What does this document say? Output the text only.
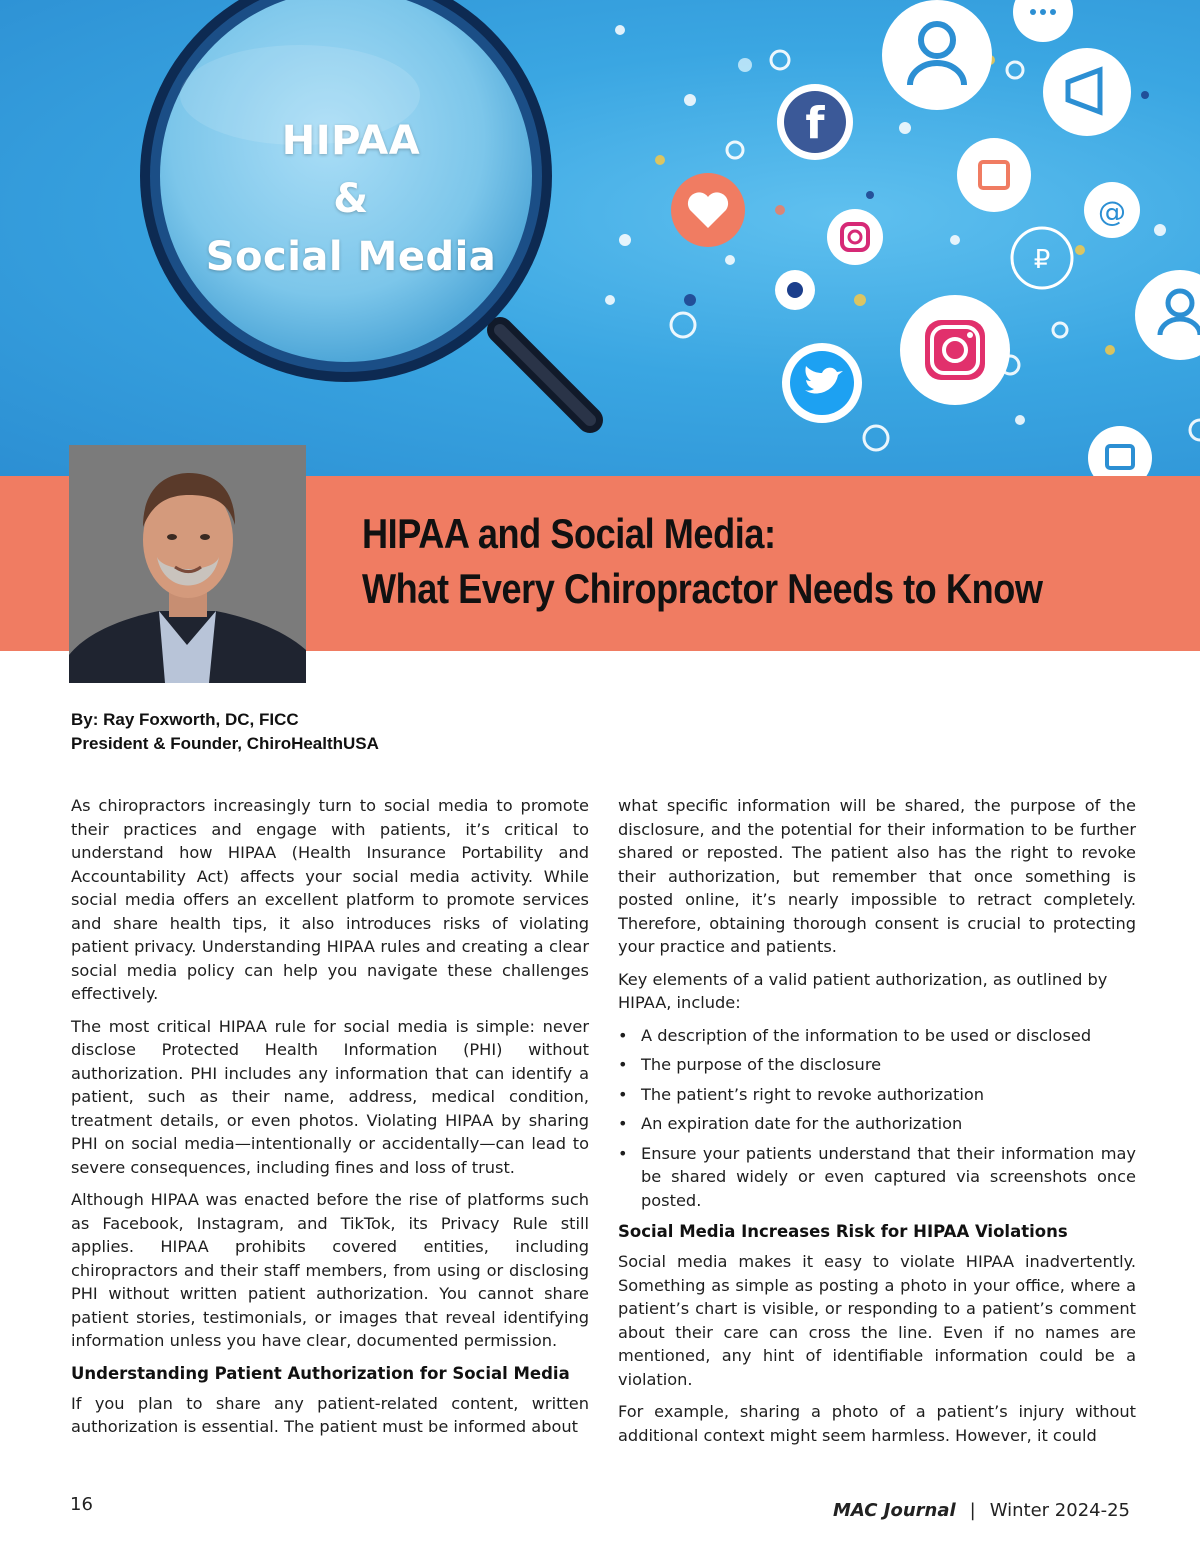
f
@
₽
HIPAA
&
Social Media
HIPAA and Social Media:
What Every Chiropractor Needs to Know
By: Ray Foxworth, DC, FICC
President & Founder, ChiroHealthUSA

As chiropractors increasingly turn to social media to promote their practices and engage with patients, it’s critical to understand how HIPAA (Health Insurance Portability and Accountability Act) affects your social media activity. While social media offers an excellent platform to promote services and share health tips, it also introduces risks of violating patient privacy. Understanding HIPAA rules and creating a clear social media policy can help you navigate these challenges effectively.

The most critical HIPAA rule for social media is simple: never disclose Protected Health Information (PHI) without authorization. PHI includes any information that can identify a patient, such as their name, address, medical condition, treatment details, or even photos. Violating HIPAA by sharing PHI on social media—intentionally or accidentally—can lead to severe consequences, including fines and loss of trust.

Although HIPAA was enacted before the rise of platforms such as Facebook, Instagram, and TikTok, its Privacy Rule still applies. HIPAA prohibits covered entities, including chiropractors and their staff members, from using or disclosing PHI without written patient authorization. You cannot share patient stories, testimonials, or images that reveal identifying information unless you have clear, documented permission.

Understanding Patient Authorization for Social Media

If you plan to share any patient-related content, written authorization is essential. The patient must be informed about

what specific information will be shared, the purpose of the disclosure, and the potential for their information to be further shared or reposted. The patient also has the right to revoke their authorization, but remember that once something is posted online, it’s nearly impossible to retract completely. Therefore, obtaining thorough consent is crucial to protecting your practice and patients.

Key elements of a valid patient authorization, as outlined by HIPAA, include:

• A description of the information to be used or disclosed
• The purpose of the disclosure
• The patient’s right to revoke authorization
• An expiration date for the authorization
• Ensure your patients understand that their information may be shared widely or even captured via screenshots once posted.
Social Media Increases Risk for HIPAA Violations

Social media makes it easy to violate HIPAA inadvertently. Something as simple as posting a photo in your office, where a patient’s chart is visible, or responding to a patient’s comment about their care can cross the line. Even if no names are mentioned, any hint of identifiable information could be a violation.

For example, sharing a photo of a patient’s injury without additional context might seem harmless. However, it could

16	MAC Journal | Winter 2024-25
